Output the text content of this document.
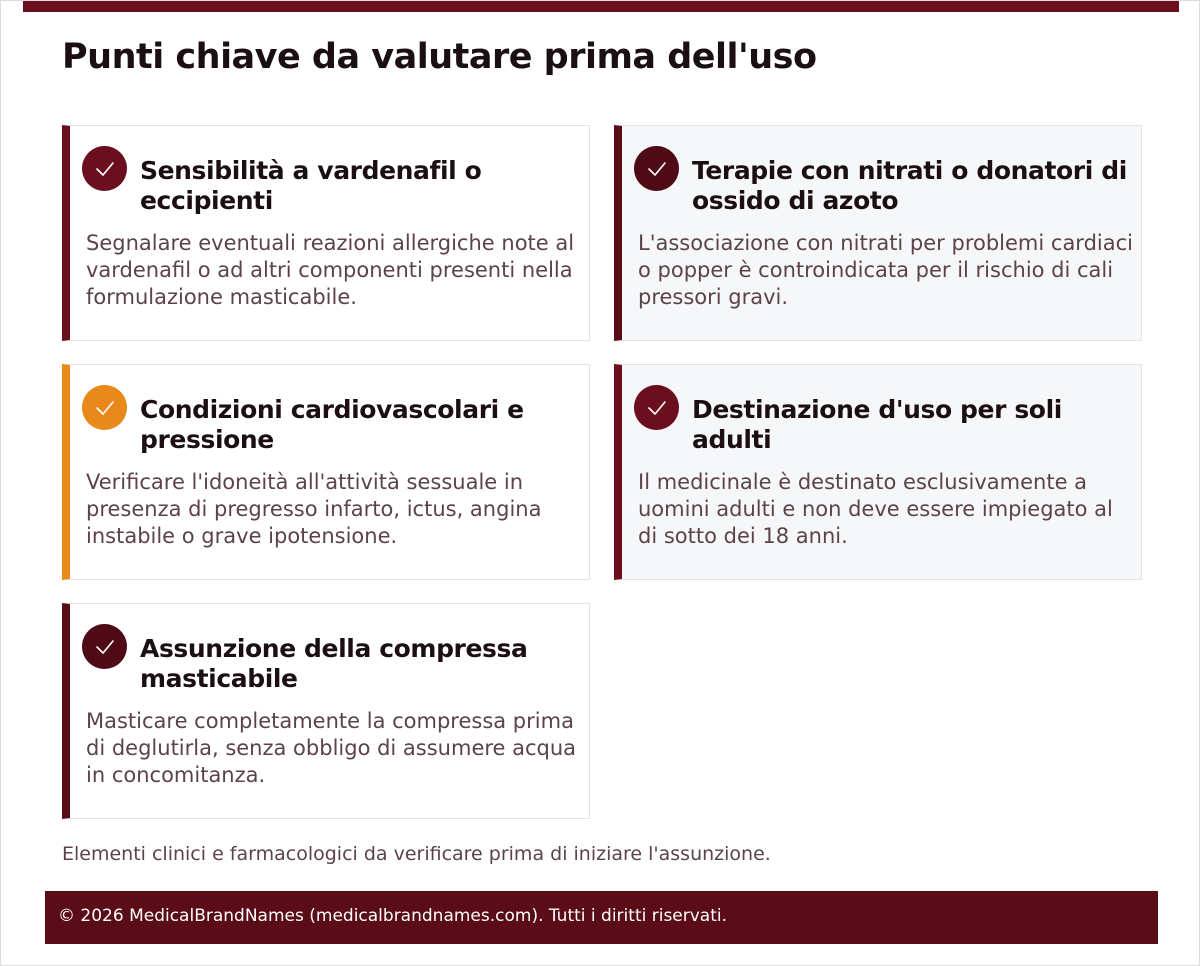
Punti chiave da valutare prima dell'uso
Sensibilità a vardenafil o eccipienti
Segnalare eventuali reazioni allergiche note al vardenafil o ad altri componenti presenti nella formulazione masticabile.
Terapie con nitrati o donatori di ossido di azoto
L'associazione con nitrati per problemi cardiaci o popper è controindicata per il rischio di cali pressori gravi.
Condizioni cardiovascolari e pressione
Verificare l'idoneità all'attività sessuale in presenza di pregresso infarto, ictus, angina instabile o grave ipotensione.
Destinazione d'uso per soli adulti
Il medicinale è destinato esclusivamente a uomini adulti e non deve essere impiegato al di sotto dei 18 anni.
Assunzione della compressa masticabile
Masticare completamente la compressa prima di deglutirla, senza obbligo di assumere acqua in concomitanza.

Elementi clinici e farmacologici da verificare prima di iniziare l'assunzione.

© 2026 MedicalBrandNames (medicalbrandnames.com). Tutti i diritti riservati.
